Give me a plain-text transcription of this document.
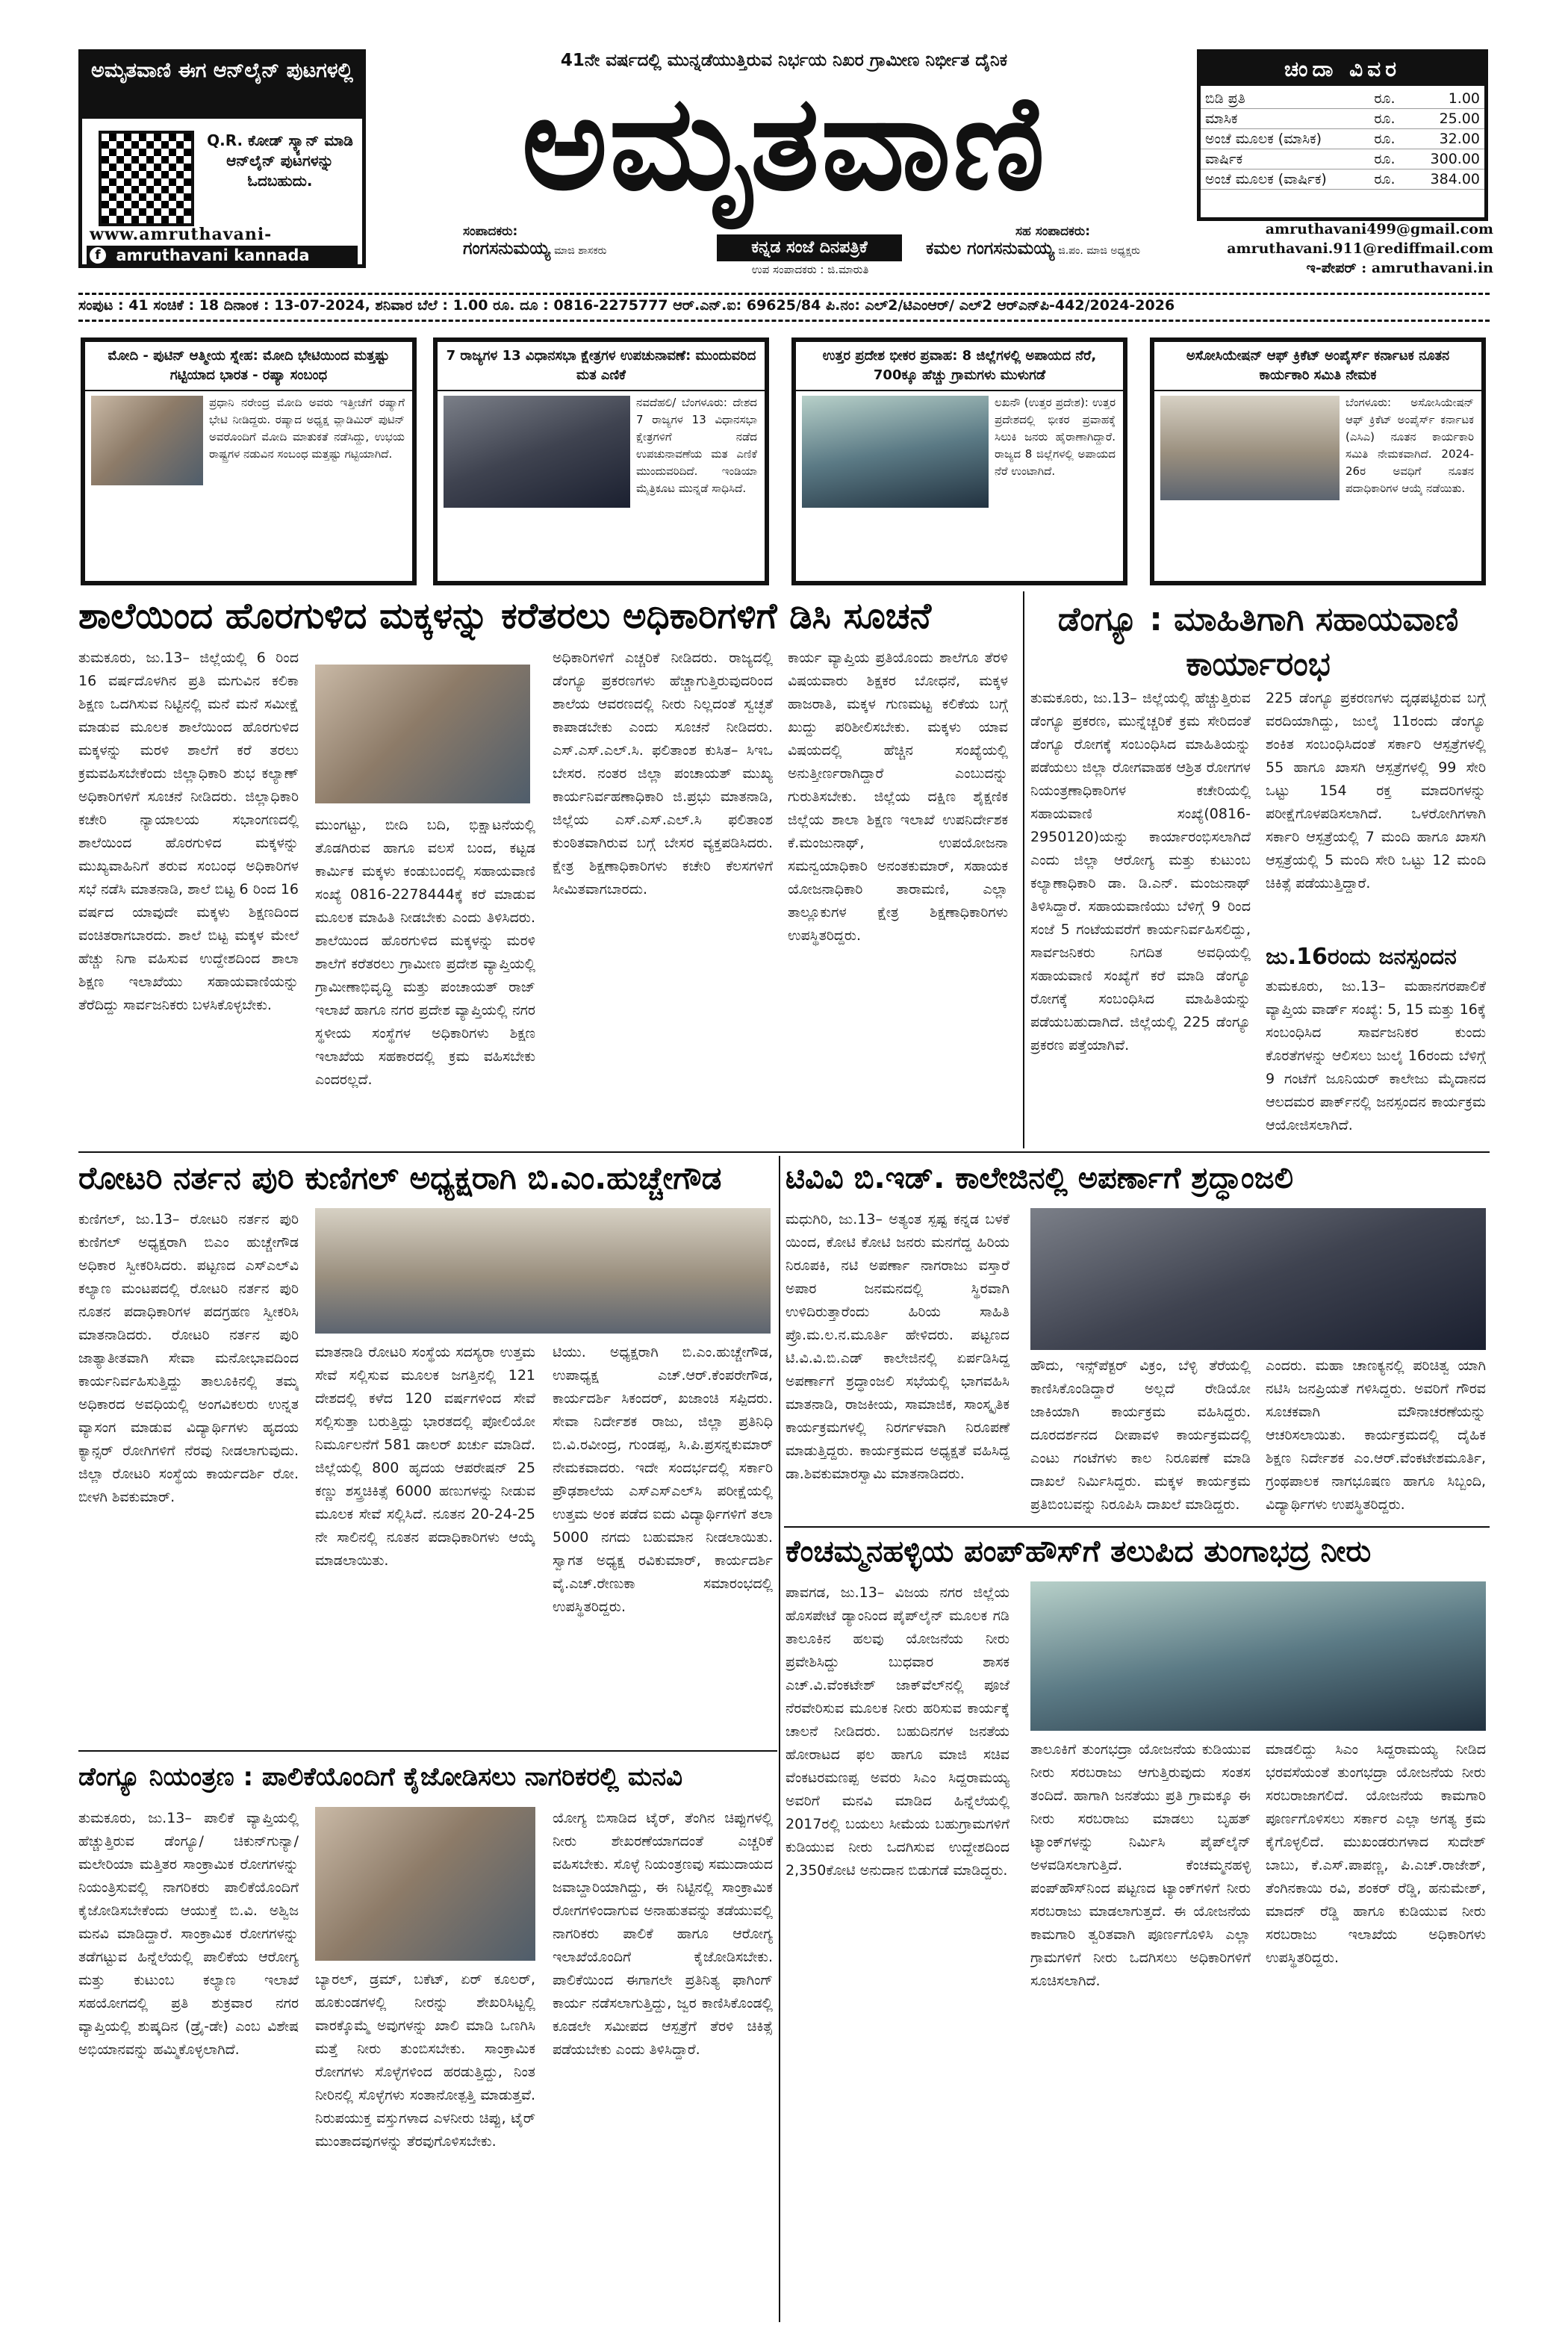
ಅಮೃತವಾಣಿ ಈಗ ಆನ್‌ಲೈನ್ ಪುಟಗಳಲ್ಲಿ
Q.R. ಕೋಡ್ ಸ್ಕ್ಯಾನ್ ಮಾಡಿ ಆನ್‌ಲೈನ್ ಪುಟಗಳನ್ನು ಓದಬಹುದು.
www.amruthavani-
f amruthavani kannada
41ನೇ ವರ್ಷದಲ್ಲಿ ಮುನ್ನಡೆಯುತ್ತಿರುವ ನಿರ್ಭಯ ನಿಖರ ಗ್ರಾಮೀಣ ನಿರ್ಭೀತ ದೈನಿಕ
ಅಮೃತವಾಣಿ
ಸಂಪಾದಕರು:
ಗಂಗಸನುಮಯ್ಯ ಮಾಜಿ ಶಾಸಕರು	ಕನ್ನಡ ಸಂಜೆ ದಿನಪತ್ರಿಕೆ
ಉಪ ಸಂಪಾದಕರು : ಜಿ.ಮಾರುತಿ
ಸಹ ಸಂಪಾದಕರು:
ಕಮಲ ಗಂಗಸನುಮಯ್ಯ ಜಿ.ಪಂ. ಮಾಜಿ ಅಧ್ಯಕ್ಷರು
ಚಂದಾ ವಿವರ
ಬಿಡಿ ಪ್ರತಿ	ರೂ.	1.00
ಮಾಸಿಕ	ರೂ.	25.00
ಅಂಚೆ ಮೂಲಕ (ಮಾಸಿಕ)	ರೂ.	32.00
ವಾರ್ಷಿಕ	ರೂ.	300.00
ಅಂಚೆ ಮೂಲಕ (ವಾರ್ಷಿಕ)	ರೂ.	384.00
amruthavani499@gmail.com
amruthavani.911@rediffmail.com
ಇ-ಪೇಪರ್ : amruthavani.in
ಸಂಪುಟ : 41 ಸಂಚಿಕೆ : 18 ದಿನಾಂಕ : 13-07-2024, ಶನಿವಾರ ಬೆಲೆ : 1.00 ರೂ. ದೂ : 0816-2275777 ಆರ್.ಎನ್.ಐ: 69625/84 ಪಿ.ನಂ: ಎಲ್2/ಟಿಎಂಆರ್/ ಎಲ್2 ಆರ್‌ಎನ್‌ಪಿ-442/2024-2026
ಮೋದಿ - ಪುಟಿನ್ ಆತ್ಮೀಯ ಸ್ನೇಹ: ಮೋದಿ ಭೇಟಿಯಿಂದ ಮತ್ತಷ್ಟು ಗಟ್ಟಿಯಾದ ಭಾರತ - ರಷ್ಯಾ ಸಂಬಂಧ
ಪ್ರಧಾನಿ ನರೇಂದ್ರ ಮೋದಿ ಅವರು ಇತ್ತೀಚೆಗೆ ರಷ್ಯಾಗೆ ಭೇಟಿ ನೀಡಿದ್ದರು. ರಷ್ಯಾದ ಅಧ್ಯಕ್ಷ ವ್ಲಾಡಿಮಿರ್ ಪುಟಿನ್ ಅವರೊಂದಿಗೆ ಮೋದಿ ಮಾತುಕತೆ ನಡೆಸಿದ್ದು, ಉಭಯ ರಾಷ್ಟ್ರಗಳ ನಡುವಿನ ಸಂಬಂಧ ಮತ್ತಷ್ಟು ಗಟ್ಟಿಯಾಗಿದೆ.
7 ರಾಜ್ಯಗಳ 13 ವಿಧಾನಸಭಾ ಕ್ಷೇತ್ರಗಳ ಉಪಚುನಾವಣೆ: ಮುಂದುವರಿದ ಮತ ಎಣಿಕೆ
ನವದೆಹಲಿ/ ಬೆಂಗಳೂರು: ದೇಶದ 7 ರಾಜ್ಯಗಳ 13 ವಿಧಾನಸಭಾ ಕ್ಷೇತ್ರಗಳಿಗೆ ನಡೆದ ಉಪಚುನಾವಣೆಯ ಮತ ಎಣಿಕೆ ಮುಂದುವರಿದಿದೆ. ಇಂಡಿಯಾ ಮೈತ್ರಿಕೂಟ ಮುನ್ನಡೆ ಸಾಧಿಸಿದೆ.
ಉತ್ತರ ಪ್ರದೇಶ ಭೀಕರ ಪ್ರವಾಹ: 8 ಜಿಲ್ಲೆಗಳಲ್ಲಿ ಅಪಾಯದ ನೆರೆ, 700ಕ್ಕೂ ಹೆಚ್ಚು ಗ್ರಾಮಗಳು ಮುಳುಗಡೆ
ಲಖನೌ (ಉತ್ತರ ಪ್ರದೇಶ): ಉತ್ತರ ಪ್ರದೇಶದಲ್ಲಿ ಭೀಕರ ಪ್ರವಾಹಕ್ಕೆ ಸಿಲುಕಿ ಜನರು ಹೈರಾಣಾಗಿದ್ದಾರೆ. ರಾಜ್ಯದ 8 ಜಿಲ್ಲೆಗಳಲ್ಲಿ ಅಪಾಯದ ನೆರೆ ಉಂಟಾಗಿದೆ.
ಅಸೋಸಿಯೇಷನ್ ಆಫ್ ಕ್ರಿಕೆಟ್ ಅಂಪೈರ್ಸ್ ಕರ್ನಾಟಕ ನೂತನ ಕಾರ್ಯಕಾರಿ ಸಮಿತಿ ನೇಮಕ
ಬೆಂಗಳೂರು: ಅಸೋಸಿಯೇಷನ್ ಆಫ್ ಕ್ರಿಕೆಟ್ ಅಂಪೈರ್ಸ್ ಕರ್ನಾಟಕ (ಎಸಿಎ) ನೂತನ ಕಾರ್ಯಕಾರಿ ಸಮಿತಿ ನೇಮಕವಾಗಿದೆ. 2024-26ರ ಅವಧಿಗೆ ನೂತನ ಪದಾಧಿಕಾರಿಗಳ ಆಯ್ಕೆ ನಡೆಯಿತು.
ಶಾಲೆಯಿಂದ ಹೊರಗುಳಿದ ಮಕ್ಕಳನ್ನು ಕರೆತರಲು ಅಧಿಕಾರಿಗಳಿಗೆ ಡಿಸಿ ಸೂಚನೆ
ತುಮಕೂರು, ಜು.13– ಜಿಲ್ಲೆಯಲ್ಲಿ 6 ರಿಂದ 16 ವರ್ಷದೊಳಗಿನ ಪ್ರತಿ ಮಗುವಿನ ಕಲಿಕಾ ಶಿಕ್ಷಣ ಒದಗಿಸುವ ನಿಟ್ಟಿನಲ್ಲಿ ಮನೆ ಮನೆ ಸಮೀಕ್ಷೆ ಮಾಡುವ ಮೂಲಕ ಶಾಲೆಯಿಂದ ಹೊರಗುಳಿದ ಮಕ್ಕಳನ್ನು ಮರಳಿ ಶಾಲೆಗೆ ಕರೆ ತರಲು ಕ್ರಮವಹಿಸಬೇಕೆಂದು ಜಿಲ್ಲಾಧಿಕಾರಿ ಶುಭ ಕಲ್ಯಾಣ್ ಅಧಿಕಾರಿಗಳಿಗೆ ಸೂಚನೆ ನೀಡಿದರು. ಜಿಲ್ಲಾಧಿಕಾರಿ ಕಚೇರಿ ನ್ಯಾಯಾಲಯ ಸಭಾಂಗಣದಲ್ಲಿ ಶಾಲೆಯಿಂದ ಹೊರಗುಳಿದ ಮಕ್ಕಳನ್ನು ಮುಖ್ಯವಾಹಿನಿಗೆ ತರುವ ಸಂಬಂಧ ಅಧಿಕಾರಿಗಳ ಸಭೆ ನಡೆಸಿ ಮಾತನಾಡಿ, ಶಾಲೆ ಬಿಟ್ಟ 6 ರಿಂದ 16 ವರ್ಷದ ಯಾವುದೇ ಮಕ್ಕಳು ಶಿಕ್ಷಣದಿಂದ ವಂಚಿತರಾಗಬಾರದು. ಶಾಲೆ ಬಿಟ್ಟ ಮಕ್ಕಳ ಮೇಲೆ ಹೆಚ್ಚು ನಿಗಾ ವಹಿಸುವ ಉದ್ದೇಶದಿಂದ ಶಾಲಾ ಶಿಕ್ಷಣ ಇಲಾಖೆಯು ಸಹಾಯವಾಣಿಯನ್ನು ತೆರೆದಿದ್ದು ಸಾರ್ವಜನಿಕರು ಬಳಸಿಕೊಳ್ಳಬೇಕು.
ಮುಂಗಟ್ಟು, ಬೀದಿ ಬದಿ, ಭಿಕ್ಷಾಟನೆಯಲ್ಲಿ ತೊಡಗಿರುವ ಹಾಗೂ ವಲಸೆ ಬಂದ, ಕಟ್ಟಡ ಕಾರ್ಮಿಕ ಮಕ್ಕಳು ಕಂಡುಬಂದಲ್ಲಿ ಸಹಾಯವಾಣಿ ಸಂಖ್ಯೆ 0816-2278444ಕ್ಕೆ ಕರೆ ಮಾಡುವ ಮೂಲಕ ಮಾಹಿತಿ ನೀಡಬೇಕು ಎಂದು ತಿಳಿಸಿದರು. ಶಾಲೆಯಿಂದ ಹೊರಗುಳಿದ ಮಕ್ಕಳನ್ನು ಮರಳಿ ಶಾಲೆಗೆ ಕರೆತರಲು ಗ್ರಾಮೀಣ ಪ್ರದೇಶ ವ್ಯಾಪ್ತಿಯಲ್ಲಿ ಗ್ರಾಮೀಣಾಭಿವೃದ್ಧಿ ಮತ್ತು ಪಂಚಾಯತ್ ರಾಜ್ ಇಲಾಖೆ ಹಾಗೂ ನಗರ ಪ್ರದೇಶ ವ್ಯಾಪ್ತಿಯಲ್ಲಿ ನಗರ ಸ್ಥಳೀಯ ಸಂಸ್ಥೆಗಳ ಅಧಿಕಾರಿಗಳು ಶಿಕ್ಷಣ ಇಲಾಖೆಯ ಸಹಕಾರದಲ್ಲಿ ಕ್ರಮ ವಹಿಸಬೇಕು ಎಂದರಲ್ಲದೆ.
ಅಧಿಕಾರಿಗಳಿಗೆ ಎಚ್ಚರಿಕೆ ನೀಡಿದರು. ರಾಜ್ಯದಲ್ಲಿ ಡೆಂಗ್ಯೂ ಪ್ರಕರಣಗಳು ಹೆಚ್ಚಾಗುತ್ತಿರುವುದರಿಂದ ಶಾಲೆಯ ಆವರಣದಲ್ಲಿ ನೀರು ನಿಲ್ಲದಂತೆ ಸ್ವಚ್ಛತೆ ಕಾಪಾಡಬೇಕು ಎಂದು ಸೂಚನೆ ನೀಡಿದರು. ಎಸ್.ಎಸ್.ಎಲ್.ಸಿ. ಫಲಿತಾಂಶ ಕುಸಿತ– ಸಿಇಒ ಬೇಸರ. ನಂತರ ಜಿಲ್ಲಾ ಪಂಚಾಯತ್ ಮುಖ್ಯ ಕಾರ್ಯನಿರ್ವಹಣಾಧಿಕಾರಿ ಜಿ.ಪ್ರಭು ಮಾತನಾಡಿ, ಜಿಲ್ಲೆಯ ಎಸ್.ಎಸ್.ಎಲ್.ಸಿ ಫಲಿತಾಂಶ ಕುಂಠಿತವಾಗಿರುವ ಬಗ್ಗೆ ಬೇಸರ ವ್ಯಕ್ತಪಡಿಸಿದರು. ಕ್ಷೇತ್ರ ಶಿಕ್ಷಣಾಧಿಕಾರಿಗಳು ಕಚೇರಿ ಕೆಲಸಗಳಿಗೆ ಸೀಮಿತವಾಗಬಾರದು.
ಕಾರ್ಯ ವ್ಯಾಪ್ತಿಯ ಪ್ರತಿಯೊಂದು ಶಾಲೆಗೂ ತೆರಳಿ ವಿಷಯವಾರು ಶಿಕ್ಷಕರ ಬೋಧನೆ, ಮಕ್ಕಳ ಹಾಜರಾತಿ, ಮಕ್ಕಳ ಗುಣಮಟ್ಟ ಕಲಿಕೆಯ ಬಗ್ಗೆ ಖುದ್ದು ಪರಿಶೀಲಿಸಬೇಕು. ಮಕ್ಕಳು ಯಾವ ವಿಷಯದಲ್ಲಿ ಹೆಚ್ಚಿನ ಸಂಖ್ಯೆಯಲ್ಲಿ ಅನುತ್ತೀರ್ಣರಾಗಿದ್ದಾರೆ ಎಂಬುದನ್ನು ಗುರುತಿಸಬೇಕು. ಜಿಲ್ಲೆಯ ದಕ್ಷಿಣ ಶೈಕ್ಷಣಿಕ ಜಿಲ್ಲೆಯ ಶಾಲಾ ಶಿಕ್ಷಣ ಇಲಾಖೆ ಉಪನಿರ್ದೇಶಕ ಕೆ.ಮಂಜುನಾಥ್, ಉಪಯೋಜನಾ ಸಮನ್ವಯಾಧಿಕಾರಿ ಅನಂತಕುಮಾರ್, ಸಹಾಯಕ ಯೋಜನಾಧಿಕಾರಿ ತಾರಾಮಣಿ, ಎಲ್ಲಾ ತಾಲ್ಲೂಕುಗಳ ಕ್ಷೇತ್ರ ಶಿಕ್ಷಣಾಧಿಕಾರಿಗಳು ಉಪಸ್ಥಿತರಿದ್ದರು.
ಡೆಂಗ್ಯೂ : ಮಾಹಿತಿಗಾಗಿ ಸಹಾಯವಾಣಿ ಕಾರ್ಯಾರಂಭ
ತುಮಕೂರು, ಜು.13– ಜಿಲ್ಲೆಯಲ್ಲಿ ಹೆಚ್ಚುತ್ತಿರುವ ಡೆಂಗ್ಯೂ ಪ್ರಕರಣ, ಮುನ್ನೆಚ್ಚರಿಕೆ ಕ್ರಮ ಸೇರಿದಂತೆ ಡೆಂಗ್ಯೂ ರೋಗಕ್ಕೆ ಸಂಬಂಧಿಸಿದ ಮಾಹಿತಿಯನ್ನು ಪಡೆಯಲು ಜಿಲ್ಲಾ ರೋಗವಾಹಕ ಆಶ್ರಿತ ರೋಗಗಳ ನಿಯಂತ್ರಣಾಧಿಕಾರಿಗಳ ಕಚೇರಿಯಲ್ಲಿ ಸಹಾಯವಾಣಿ ಸಂಖ್ಯೆ(0816-2950120)ಯನ್ನು ಕಾರ್ಯಾರಂಭಿಸಲಾಗಿದೆ ಎಂದು ಜಿಲ್ಲಾ ಆರೋಗ್ಯ ಮತ್ತು ಕುಟುಂಬ ಕಲ್ಯಾಣಾಧಿಕಾರಿ ಡಾ. ಡಿ.ಎನ್. ಮಂಜುನಾಥ್ ತಿಳಿಸಿದ್ದಾರೆ. ಸಹಾಯವಾಣಿಯು ಬೆಳಿಗ್ಗೆ 9 ರಿಂದ ಸಂಜೆ 5 ಗಂಟೆಯವರೆಗೆ ಕಾರ್ಯನಿರ್ವಹಿಸಲಿದ್ದು, ಸಾರ್ವಜನಿಕರು ನಿಗದಿತ ಅವಧಿಯಲ್ಲಿ ಸಹಾಯವಾಣಿ ಸಂಖ್ಯೆಗೆ ಕರೆ ಮಾಡಿ ಡೆಂಗ್ಯೂ ರೋಗಕ್ಕೆ ಸಂಬಂಧಿಸಿದ ಮಾಹಿತಿಯನ್ನು ಪಡೆಯಬಹುದಾಗಿದೆ. ಜಿಲ್ಲೆಯಲ್ಲಿ 225 ಡೆಂಗ್ಯೂ ಪ್ರಕರಣ ಪತ್ತೆಯಾಗಿವೆ.
225 ಡೆಂಗ್ಯೂ ಪ್ರಕರಣಗಳು ದೃಢಪಟ್ಟಿರುವ ಬಗ್ಗೆ ವರದಿಯಾಗಿದ್ದು, ಜುಲೈ 11ರಂದು ಡೆಂಗ್ಯೂ ಶಂಕಿತ ಸಂಬಂಧಿಸಿದಂತೆ ಸರ್ಕಾರಿ ಆಸ್ಪತ್ರೆಗಳಲ್ಲಿ 55 ಹಾಗೂ ಖಾಸಗಿ ಆಸ್ಪತ್ರೆಗಳಲ್ಲಿ 99 ಸೇರಿ ಒಟ್ಟು 154 ರಕ್ತ ಮಾದರಿಗಳನ್ನು ಪರೀಕ್ಷೆಗೊಳಪಡಿಸಲಾಗಿದೆ. ಒಳರೋಗಿಗಳಾಗಿ ಸರ್ಕಾರಿ ಆಸ್ಪತ್ರೆಯಲ್ಲಿ 7 ಮಂದಿ ಹಾಗೂ ಖಾಸಗಿ ಆಸ್ಪತ್ರೆಯಲ್ಲಿ 5 ಮಂದಿ ಸೇರಿ ಒಟ್ಟು 12 ಮಂದಿ ಚಿಕಿತ್ಸೆ ಪಡೆಯುತ್ತಿದ್ದಾರೆ.
ಜು.16ರಂದು ಜನಸ್ಪಂದನ
ತುಮಕೂರು, ಜು.13– ಮಹಾನಗರಪಾಲಿಕೆ ವ್ಯಾಪ್ತಿಯ ವಾರ್ಡ್ ಸಂಖ್ಯೆ: 5, 15 ಮತ್ತು 16ಕ್ಕೆ ಸಂಬಂಧಿಸಿದ ಸಾರ್ವಜನಿಕರ ಕುಂದು ಕೊರತೆಗಳನ್ನು ಆಲಿಸಲು ಜುಲೈ 16ರಂದು ಬೆಳಿಗ್ಗೆ 9 ಗಂಟೆಗೆ ಜೂನಿಯರ್ ಕಾಲೇಜು ಮೈದಾನದ ಆಲದಮರ ಪಾರ್ಕ್‌ನಲ್ಲಿ ಜನಸ್ಪಂದನ ಕಾರ್ಯಕ್ರಮ ಆಯೋಜಿಸಲಾಗಿದೆ.
ರೋಟರಿ ನರ್ತನ ಪುರಿ ಕುಣಿಗಲ್ ಅಧ್ಯಕ್ಷರಾಗಿ ಬಿ.ಎಂ.ಹುಚ್ಚೇಗೌಡ
ಕುಣಿಗಲ್, ಜು.13– ರೋಟರಿ ನರ್ತನ ಪುರಿ ಕುಣಿಗಲ್ ಅಧ್ಯಕ್ಷರಾಗಿ ಬಿಎಂ ಹುಚ್ಚೇಗೌಡ ಅಧಿಕಾರ ಸ್ವೀಕರಿಸಿದರು. ಪಟ್ಟಣದ ಎಸ್‌ಎಲ್‌ವಿ ಕಲ್ಯಾಣ ಮಂಟಪದಲ್ಲಿ ರೋಟರಿ ನರ್ತನ ಪುರಿ ನೂತನ ಪದಾಧಿಕಾರಿಗಳ ಪದಗ್ರಹಣ ಸ್ವೀಕರಿಸಿ ಮಾತನಾಡಿದರು. ರೋಟರಿ ನರ್ತನ ಪುರಿ ಜಾತ್ಯಾತೀತವಾಗಿ ಸೇವಾ ಮನೋಭಾವದಿಂದ ಕಾರ್ಯನಿರ್ವಹಿಸುತ್ತಿದ್ದು ತಾಲೂಕಿನಲ್ಲಿ ತಮ್ಮ ಅಧಿಕಾರದ ಅವಧಿಯಲ್ಲಿ ಅಂಗವಿಕಲರು ಉನ್ನತ ವ್ಯಾಸಂಗ ಮಾಡುವ ವಿದ್ಯಾರ್ಥಿಗಳು ಹೃದಯ ಕ್ಯಾನ್ಸರ್ ರೋಗಿಗಳಿಗೆ ನೆರವು ನೀಡಲಾಗುವುದು. ಜಿಲ್ಲಾ ರೋಟರಿ ಸಂಸ್ಥೆಯ ಕಾರ್ಯದರ್ಶಿ ರೋ. ಬೀಳಗಿ ಶಿವಕುಮಾರ್.
ಮಾತನಾಡಿ ರೋಟರಿ ಸಂಸ್ಥೆಯ ಸದಸ್ಯರಾ ಉತ್ತಮ ಸೇವೆ ಸಲ್ಲಿಸುವ ಮೂಲಕ ಜಗತ್ತಿನಲ್ಲಿ 121 ದೇಶದಲ್ಲಿ ಕಳೆದ 120 ವರ್ಷಗಳಿಂದ ಸೇವೆ ಸಲ್ಲಿಸುತ್ತಾ ಬರುತ್ತಿದ್ದು ಭಾರತದಲ್ಲಿ ಪೋಲಿಯೋ ನಿರ್ಮೂಲನೆಗೆ 581 ಡಾಲರ್ ಖರ್ಚು ಮಾಡಿದೆ. ಜಿಲ್ಲೆಯಲ್ಲಿ 800 ಹೃದಯ ಆಪರೇಷನ್ 25 ಕಣ್ಣು ಶಸ್ತ್ರಚಿಕಿತ್ಸೆ 6000 ಹಣುಗಳನ್ನು ನೀಡುವ ಮೂಲಕ ಸೇವೆ ಸಲ್ಲಿಸಿದೆ. ನೂತನ 20-24-25 ನೇ ಸಾಲಿನಲ್ಲಿ ನೂತನ ಪದಾಧಿಕಾರಿಗಳು ಆಯ್ಕೆ ಮಾಡಲಾಯಿತು.
ಟಿಯು. ಅಧ್ಯಕ್ಷರಾಗಿ ಬಿ.ಎಂ.ಹುಚ್ಚೇಗೌಡ, ಉಪಾಧ್ಯಕ್ಷ ಎಚ್.ಆರ್.ಕೆಂಪರೇಗೌಡ, ಕಾರ್ಯದರ್ಶಿ ಸಿಕಂದರ್, ಖಜಾಂಚಿ ಸಪ್ಪಿದರು. ಸೇವಾ ನಿರ್ದೇಶಕ ರಾಜು, ಜಿಲ್ಲಾ ಪ್ರತಿನಿಧಿ ಬಿ.ವಿ.ರವೀಂದ್ರ, ಗುಂಡಪ್ಪ, ಸಿ.ಪಿ.ಪ್ರಸನ್ನಕುಮಾರ್ ನೇಮಕವಾದರು. ಇದೇ ಸಂದರ್ಭದಲ್ಲಿ ಸರ್ಕಾರಿ ಪ್ರೌಢಶಾಲೆಯ ಎಸ್‌ಎಸ್‌ಎಲ್‌ಸಿ ಪರೀಕ್ಷೆಯಲ್ಲಿ ಉತ್ತಮ ಅಂಕ ಪಡೆದ ಐದು ವಿದ್ಯಾರ್ಥಿಗಳಿಗೆ ತಲಾ 5000 ನಗದು ಬಹುಮಾನ ನೀಡಲಾಯಿತು. ಸ್ವಾಗತ ಅಧ್ಯಕ್ಷ ರವಿಕುಮಾರ್, ಕಾರ್ಯದರ್ಶಿ ವೈ.ಎಚ್.ರೇಣುಕಾ ಸಮಾರಂಭದಲ್ಲಿ ಉಪಸ್ಥಿತರಿದ್ದರು.
ಟಿವಿವಿ ಬಿ.ಇಡ್. ಕಾಲೇಜಿನಲ್ಲಿ ಅಪರ್ಣಾಗೆ ಶ್ರದ್ಧಾಂಜಲಿ
ಮಧುಗಿರಿ, ಜು.13– ಅತ್ಯಂತ ಸ್ಪಷ್ಟ ಕನ್ನಡ ಬಳಕೆ ಯಿಂದ, ಕೋಟಿ ಕೋಟಿ ಜನರು ಮನಗೆದ್ದ ಹಿರಿಯ ನಿರೂಪಕಿ, ನಟಿ ಅಪರ್ಣಾ ನಾಗರಾಜು ವಸ್ತಾರೆ ಅಪಾರ ಜನಮನದಲ್ಲಿ ಸ್ಥಿರವಾಗಿ ಉಳಿದಿರುತ್ತಾರೆಂದು ಹಿರಿಯ ಸಾಹಿತಿ ಪ್ರೊ.ಮ.ಲ.ನ.ಮೂರ್ತಿ ಹೇಳಿದರು. ಪಟ್ಟಣದ ಟಿ.ವಿ.ವಿ.ಬಿ.ಎಡ್ ಕಾಲೇಜಿನಲ್ಲಿ ಏರ್ಪಡಿಸಿದ್ದ ಅಪರ್ಣಾಗೆ ಶ್ರದ್ಧಾಂಜಲಿ ಸಭೆಯಲ್ಲಿ ಭಾಗವಹಿಸಿ ಮಾತನಾಡಿ, ರಾಜಕೀಯ, ಸಾಮಾಜಿಕ, ಸಾಂಸ್ಕೃತಿಕ ಕಾರ್ಯಕ್ರಮಗಳಲ್ಲಿ ನಿರರ್ಗಳವಾಗಿ ನಿರೂಪಣೆ ಮಾಡುತ್ತಿದ್ದರು. ಕಾರ್ಯಕ್ರಮದ ಅಧ್ಯಕ್ಷತೆ ವಹಿಸಿದ್ದ ಡಾ.ಶಿವಕುಮಾರಸ್ವಾಮಿ ಮಾತನಾಡಿದರು.
ಹೌದು, ಇನ್ಸ್‌ಪೆಕ್ಟರ್ ವಿಕ್ರಂ, ಬೆಳ್ಳಿ ತೆರೆಯಲ್ಲಿ ಕಾಣಿಸಿಕೊಂಡಿದ್ದಾರೆ ಅಲ್ಲದೆ ರೇಡಿಯೋ ಜಾಕಿಯಾಗಿ ಕಾರ್ಯಕ್ರಮ ವಹಿಸಿದ್ದರು. ದೂರದರ್ಶನದ ದೀಪಾವಳಿ ಕಾರ್ಯಕ್ರಮದಲ್ಲಿ ಎಂಟು ಗಂಟೆಗಳು ಕಾಲ ನಿರೂಪಣೆ ಮಾಡಿ ದಾಖಲೆ ನಿರ್ಮಿಸಿದ್ದರು. ಮಕ್ಕಳ ಕಾರ್ಯಕ್ರಮ ಪ್ರತಿಬಿಂಬವನ್ನು ನಿರೂಪಿಸಿ ದಾಖಲೆ ಮಾಡಿದ್ದರು.
ಎಂದರು. ಮಹಾ ಚಾಣಕ್ಯನಲ್ಲಿ ಪರಿಚಿತ್ವ ಯಾಗಿ ನಟಿಸಿ ಜನಪ್ರಿಯತೆ ಗಳಿಸಿದ್ದರು. ಅವರಿಗೆ ಗೌರವ ಸೂಚಕವಾಗಿ ಮೌನಾಚರಣೆಯನ್ನು ಆಚರಿಸಲಾಯಿತು. ಕಾರ್ಯಕ್ರಮದಲ್ಲಿ ದೈಹಿಕ ಶಿಕ್ಷಣ ನಿರ್ದೇಶಕ ಎಂ.ಆರ್.ವೆಂಕಟೇಶಮೂರ್ತಿ, ಗ್ರಂಥಪಾಲಕ ನಾಗಭೂಷಣ ಹಾಗೂ ಸಿಬ್ಬಂದಿ, ವಿದ್ಯಾರ್ಥಿಗಳು ಉಪಸ್ಥಿತರಿದ್ದರು.
ಕೆಂಚಮ್ಮನಹಳ್ಳಿಯ ಪಂಪ್‌ಹೌಸ್‌ಗೆ ತಲುಪಿದ ತುಂಗಾಭದ್ರ ನೀರು
ಪಾವಗಡ, ಜು.13– ವಿಜಯ ನಗರ ಜಿಲ್ಲೆಯ ಹೊಸಪೇಟೆ ಡ್ಯಾಂನಿಂದ ಪೈಪ್‌ಲೈನ್ ಮೂಲಕ ಗಡಿ ತಾಲೂಕಿನ ಹಲವು ಯೋಜನೆಯ ನೀರು ಪ್ರವೇಶಿಸಿದ್ದು ಬುಧವಾರ ಶಾಸಕ ಎಚ್.ವಿ.ವೆಂಕಟೇಶ್ ಜಾಕ್‌ವೆಲ್‌ನಲ್ಲಿ ಪೂಜೆ ನೆರವೇರಿಸುವ ಮೂಲಕ ನೀರು ಹರಿಸುವ ಕಾರ್ಯಕ್ಕೆ ಚಾಲನೆ ನೀಡಿದರು. ಬಹುದಿನಗಳ ಜನತೆಯ ಹೋರಾಟದ ಫಲ ಹಾಗೂ ಮಾಜಿ ಸಚಿವ ವೆಂಕಟರಮಣಪ್ಪ ಅವರು ಸಿಎಂ ಸಿದ್ದರಾಮಯ್ಯ ಅವರಿಗೆ ಮನವಿ ಮಾಡಿದ ಹಿನ್ನೆಲೆಯಲ್ಲಿ 2017ರಲ್ಲಿ ಬಯಲು ಸೀಮೆಯ ಬಹುಗ್ರಾಮಗಳಿಗೆ ಕುಡಿಯುವ ನೀರು ಒದಗಿಸುವ ಉದ್ದೇಶದಿಂದ 2,350ಕೋಟಿ ಅನುದಾನ ಬಿಡುಗಡೆ ಮಾಡಿದ್ದರು.
ತಾಲೂಕಿಗೆ ತುಂಗಭದ್ರಾ ಯೋಜನೆಯ ಕುಡಿಯುವ ನೀರು ಸರಬರಾಜು ಆಗುತ್ತಿರುವುದು ಸಂತಸ ತಂದಿದೆ. ಹಾಗಾಗಿ ಜನತೆಯು ಪ್ರತಿ ಗ್ರಾಮಕ್ಕೂ ಈ ನೀರು ಸರಬರಾಜು ಮಾಡಲು ಬೃಹತ್ ಟ್ಯಾಂಕ್‌ಗಳನ್ನು ನಿರ್ಮಿಸಿ ಪೈಪ್‌ಲೈನ್ ಅಳವಡಿಸಲಾಗುತ್ತಿದೆ. ಕೆಂಚಮ್ಮನಹಳ್ಳಿ ಪಂಪ್‌ಹೌಸ್‌ನಿಂದ ಪಟ್ಟಣದ ಟ್ಯಾಂಕ್‌ಗಳಿಗೆ ನೀರು ಸರಬರಾಜು ಮಾಡಲಾಗುತ್ತದೆ. ಈ ಯೋಜನೆಯ ಕಾಮಗಾರಿ ತ್ವರಿತವಾಗಿ ಪೂರ್ಣಗೊಳಿಸಿ ಎಲ್ಲಾ ಗ್ರಾಮಗಳಿಗೆ ನೀರು ಒದಗಿಸಲು ಅಧಿಕಾರಿಗಳಿಗೆ ಸೂಚಿಸಲಾಗಿದೆ.
ಮಾಡಲಿದ್ದು ಸಿಎಂ ಸಿದ್ದರಾಮಯ್ಯ ನೀಡಿದ ಭರವಸೆಯಂತೆ ತುಂಗಭದ್ರಾ ಯೋಜನೆಯ ನೀರು ಸರಬರಾಜಾಗಲಿದೆ. ಯೋಜನೆಯ ಕಾಮಗಾರಿ ಪೂರ್ಣಗೊಳಿಸಲು ಸರ್ಕಾರ ಎಲ್ಲಾ ಅಗತ್ಯ ಕ್ರಮ ಕೈಗೊಳ್ಳಲಿದೆ. ಮುಖಂಡರುಗಳಾದ ಸುದೇಶ್ ಬಾಬು, ಕೆ.ಎಸ್.ಪಾಪಣ್ಣ, ಪಿ.ಎಚ್.ರಾಜೇಶ್, ತೆಂಗಿನಕಾಯಿ ರವಿ, ಶಂಕರ್ ರೆಡ್ಡಿ, ಹನುಮೇಶ್, ಮಾದನ್ ರೆಡ್ಡಿ ಹಾಗೂ ಕುಡಿಯುವ ನೀರು ಸರಬರಾಜು ಇಲಾಖೆಯ ಅಧಿಕಾರಿಗಳು ಉಪಸ್ಥಿತರಿದ್ದರು.
ಡೆಂಗ್ಯೂ ನಿಯಂತ್ರಣ : ಪಾಲಿಕೆಯೊಂದಿಗೆ ಕೈಜೋಡಿಸಲು ನಾಗರಿಕರಲ್ಲಿ ಮನವಿ
ತುಮಕೂರು, ಜು.13– ಪಾಲಿಕೆ ವ್ಯಾಪ್ತಿಯಲ್ಲಿ ಹೆಚ್ಚುತ್ತಿರುವ ಡೆಂಗ್ಯೂ/ ಚಿಕುನ್‌ಗುನ್ಯಾ/ ಮಲೇರಿಯಾ ಮತ್ತಿತರ ಸಾಂಕ್ರಾಮಿಕ ರೋಗಗಳನ್ನು ನಿಯಂತ್ರಿಸುವಲ್ಲಿ ನಾಗರಿಕರು ಪಾಲಿಕೆಯೊಂದಿಗೆ ಕೈಜೋಡಿಸಬೇಕೆಂದು ಆಯುಕ್ತೆ ಬಿ.ವಿ. ಅಶ್ವಿಜ ಮನವಿ ಮಾಡಿದ್ದಾರೆ. ಸಾಂಕ್ರಾಮಿಕ ರೋಗಗಳನ್ನು ತಡೆಗಟ್ಟುವ ಹಿನ್ನೆಲೆಯಲ್ಲಿ ಪಾಲಿಕೆಯ ಆರೋಗ್ಯ ಮತ್ತು ಕುಟುಂಬ ಕಲ್ಯಾಣ ಇಲಾಖೆ ಸಹಯೋಗದಲ್ಲಿ ಪ್ರತಿ ಶುಕ್ರವಾರ ನಗರ ವ್ಯಾಪ್ತಿಯಲ್ಲಿ ಶುಷ್ಕದಿನ (ಡ್ರೈ-ಡೇ) ಎಂಬ ವಿಶೇಷ ಅಭಿಯಾನವನ್ನು ಹಮ್ಮಿಕೊಳ್ಳಲಾಗಿದೆ.
ಬ್ಯಾರಲ್, ಡ್ರಮ್, ಬಕೆಟ್, ಏರ್ ಕೂಲರ್, ಹೂಕುಂಡಗಳಲ್ಲಿ ನೀರನ್ನು ಶೇಖರಿಸಿಟ್ಟಲ್ಲಿ ವಾರಕ್ಕೊಮ್ಮೆ ಅವುಗಳನ್ನು ಖಾಲಿ ಮಾಡಿ ಒಣಗಿಸಿ ಮತ್ತೆ ನೀರು ತುಂಬಿಸಬೇಕು. ಸಾಂಕ್ರಾಮಿಕ ರೋಗಗಳು ಸೊಳ್ಳೆಗಳಿಂದ ಹರಡುತ್ತಿದ್ದು, ನಿಂತ ನೀರಿನಲ್ಲಿ ಸೊಳ್ಳೆಗಳು ಸಂತಾನೋತ್ಪತ್ತಿ ಮಾಡುತ್ತವೆ. ನಿರುಪಯುಕ್ತ ವಸ್ತುಗಳಾದ ಎಳನೀರು ಚಿಪ್ಪು, ಟೈರ್ ಮುಂತಾದವುಗಳನ್ನು ತೆರವುಗೊಳಿಸಬೇಕು.
ಯೋಗ್ಯ ಬಿಸಾಡಿದ ಟೈರ್, ತೆಂಗಿನ ಚಿಪ್ಪುಗಳಲ್ಲಿ ನೀರು ಶೇಖರಣೆಯಾಗದಂತೆ ಎಚ್ಚರಿಕೆ ವಹಿಸಬೇಕು. ಸೊಳ್ಳೆ ನಿಯಂತ್ರಣವು ಸಮುದಾಯದ ಜವಾಬ್ದಾರಿಯಾಗಿದ್ದು, ಈ ನಿಟ್ಟಿನಲ್ಲಿ ಸಾಂಕ್ರಾಮಿಕ ರೋಗಗಳಿಂದಾಗುವ ಅನಾಹುತವನ್ನು ತಡೆಯುವಲ್ಲಿ ನಾಗರಿಕರು ಪಾಲಿಕೆ ಹಾಗೂ ಆರೋಗ್ಯ ಇಲಾಖೆಯೊಂದಿಗೆ ಕೈಜೋಡಿಸಬೇಕು. ಪಾಲಿಕೆಯಿಂದ ಈಗಾಗಲೇ ಪ್ರತಿನಿತ್ಯ ಫಾಗಿಂಗ್ ಕಾರ್ಯ ನಡೆಸಲಾಗುತ್ತಿದ್ದು, ಜ್ವರ ಕಾಣಿಸಿಕೊಂಡಲ್ಲಿ ಕೂಡಲೇ ಸಮೀಪದ ಆಸ್ಪತ್ರೆಗೆ ತೆರಳಿ ಚಿಕಿತ್ಸೆ ಪಡೆಯಬೇಕು ಎಂದು ತಿಳಿಸಿದ್ದಾರೆ.
